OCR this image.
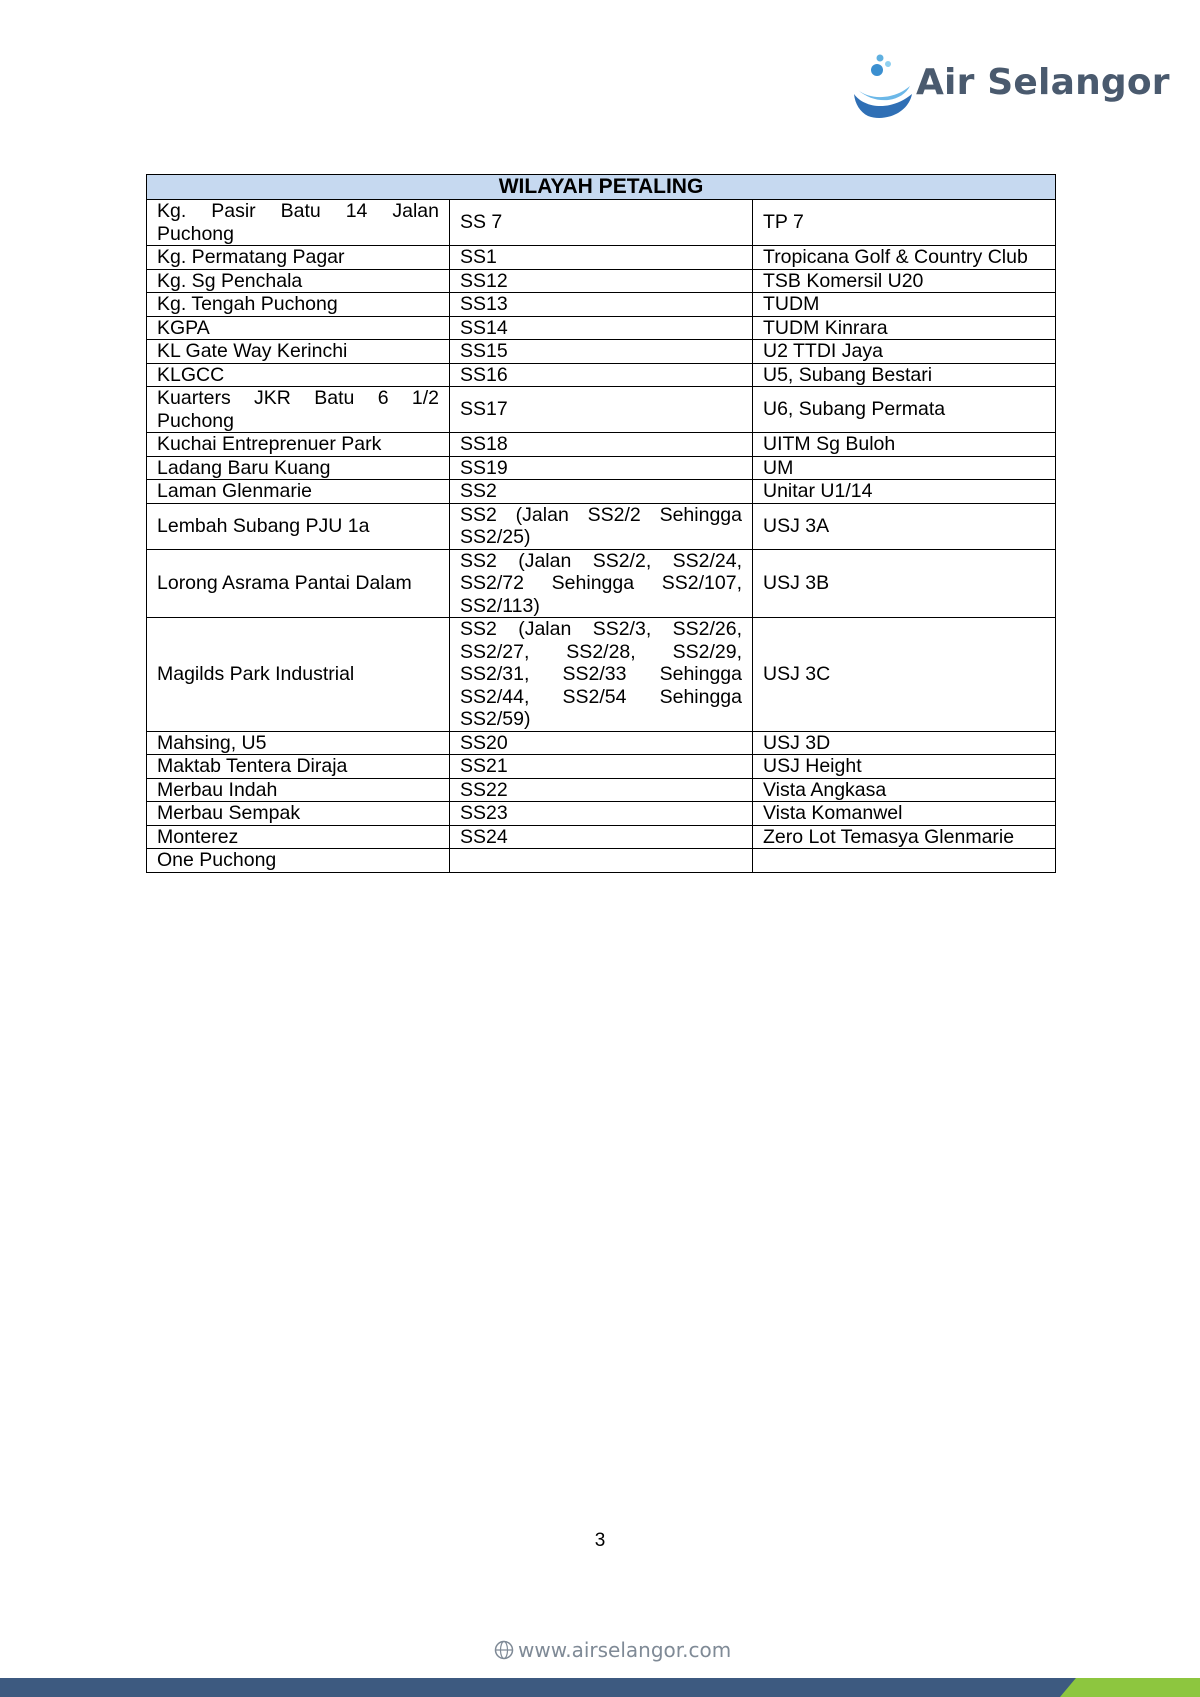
Air Selangor
WILAYAH PETALING		
Kg. Pasir Batu 14 Jalan Puchong	SS 7	TP 7
Kg. Permatang Pagar	SS1	Tropicana Golf & Country Club
Kg. Sg Penchala	SS12	TSB Komersil U20
Kg. Tengah Puchong	SS13	TUDM
KGPA	SS14	TUDM Kinrara
KL Gate Way Kerinchi	SS15	U2 TTDI Jaya
KLGCC	SS16	U5, Subang Bestari
Kuarters JKR Batu 6 1/2 Puchong	SS17	U6, Subang Permata
Kuchai Entreprenuer Park	SS18	UITM Sg Buloh
Ladang Baru Kuang	SS19	UM
Laman Glenmarie	SS2	Unitar U1/14
Lembah Subang PJU 1a	SS2 (Jalan SS2/2 Sehingga SS2/25)	USJ 3A
Lorong Asrama Pantai Dalam	SS2 (Jalan SS2/2, SS2/24, SS2/72 Sehingga SS2/107, SS2/113)	USJ 3B
Magilds Park Industrial	SS2 (Jalan SS2/3, SS2/26, SS2/27, SS2/28, SS2/29, SS2/31, SS2/33 Sehingga SS2/44, SS2/54 Sehingga SS2/59)	USJ 3C
Mahsing, U5	SS20	USJ 3D
Maktab Tentera Diraja	SS21	USJ Height
Merbau Indah	SS22	Vista Angkasa
Merbau Sempak	SS23	Vista Komanwel
Monterez	SS24	Zero Lot Temasya Glenmarie
One Puchong		
3
www.airselangor.com
